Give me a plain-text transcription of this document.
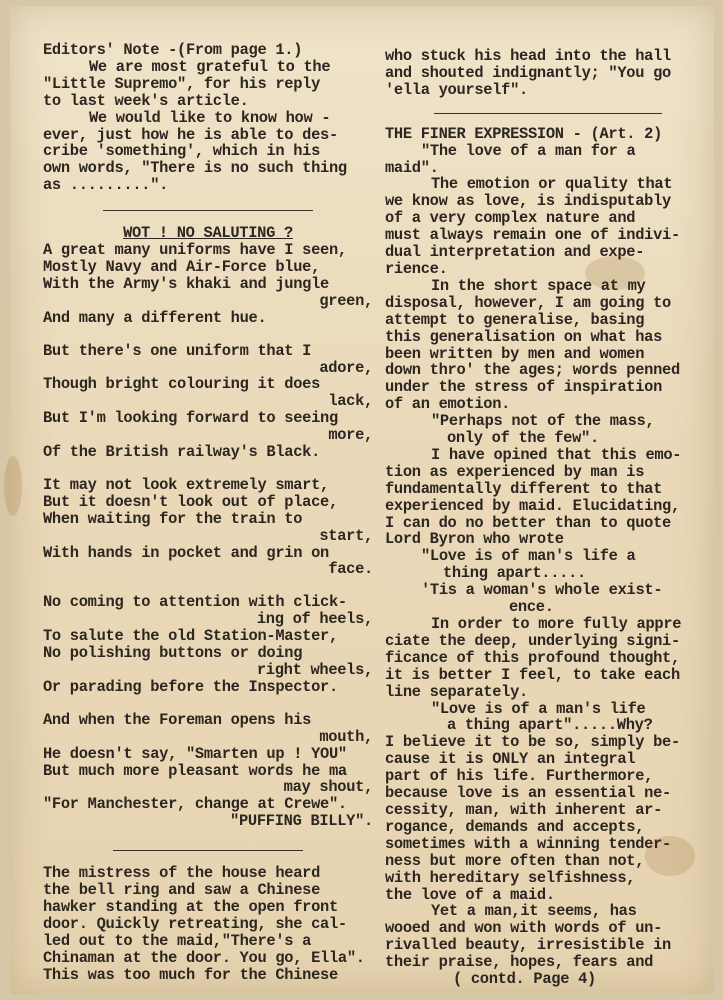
Editors' Note -(From page 1.)

We are most grateful to the

"Little Supremo", for his reply

to last week's article.

We would like to know how -

ever, just how he is able to des-

cribe 'something', which in his

own words, "There is no such thing

as .........".

WOT ! NO SALUTING ?

A great many uniforms have I seen,

Mostly Navy and Air-Force blue,

With the Army's khaki and jungle

green,

And many a different hue.

But there's one uniform that I

adore,

Though bright colouring it does

lack,

But I'm looking forward to seeing

more,

Of the British railway's Black.

It may not look extremely smart,

But it doesn't look out of place,

When waiting for the train to

start,

With hands in pocket and grin on

face.

No coming to attention with click-

ing of heels,

To salute the old Station-Master,

No polishing buttons or doing

right wheels,

Or parading before the Inspector.

And when the Foreman opens his

mouth,

He doesn't say, "Smarten up ! YOU"

But much more pleasant words he ma

may shout,

"For Manchester, change at Crewe".

"PUFFING BILLY".

The mistress of the house heard

the bell ring and saw a Chinese

hawker standing at the open front

door. Quickly retreating, she cal-

led out to the maid,"There's a

Chinaman at the door. You go, Ella".

This was too much for the Chinese

who stuck his head into the hall

and shouted indignantly; "You go

'ella yourself".

THE FINER EXPRESSION - (Art. 2)

"The love of a man for a

maid".

The emotion or quality that

we know as love, is indisputably

of a very complex nature and

must always remain one of indivi-

dual interpretation and expe-

rience.

In the short space at my

disposal, however, I am going to

attempt to generalise, basing

this generalisation on what has

been written by men and women

down thro' the ages; words penned

under the stress of inspiration

of an emotion.

"Perhaps not of the mass,

only of the few".

I have opined that this emo-

tion as experienced by man is

fundamentally different to that

experienced by maid. Elucidating,

I can do no better than to quote

Lord Byron who wrote

"Love is of man's life a

thing apart.....

'Tis a woman's whole exist-

ence.

In order to more fully appre

ciate the deep, underlying signi-

ficance of this profound thought,

it is better I feel, to take each

line separately.

"Love is of a man's life

a thing apart".....Why?

I believe it to be so, simply be-

cause it is ONLY an integral

part of his life. Furthermore,

because love is an essential ne-

cessity, man, with inherent ar-

rogance, demands and accepts,

sometimes with a winning tender-

ness but more often than not,

with hereditary selfishness,

the love of a maid.

Yet a man,it seems, has

wooed and won with words of un-

rivalled beauty, irresistible in

their praise, hopes, fears and

( contd. Page 4)
